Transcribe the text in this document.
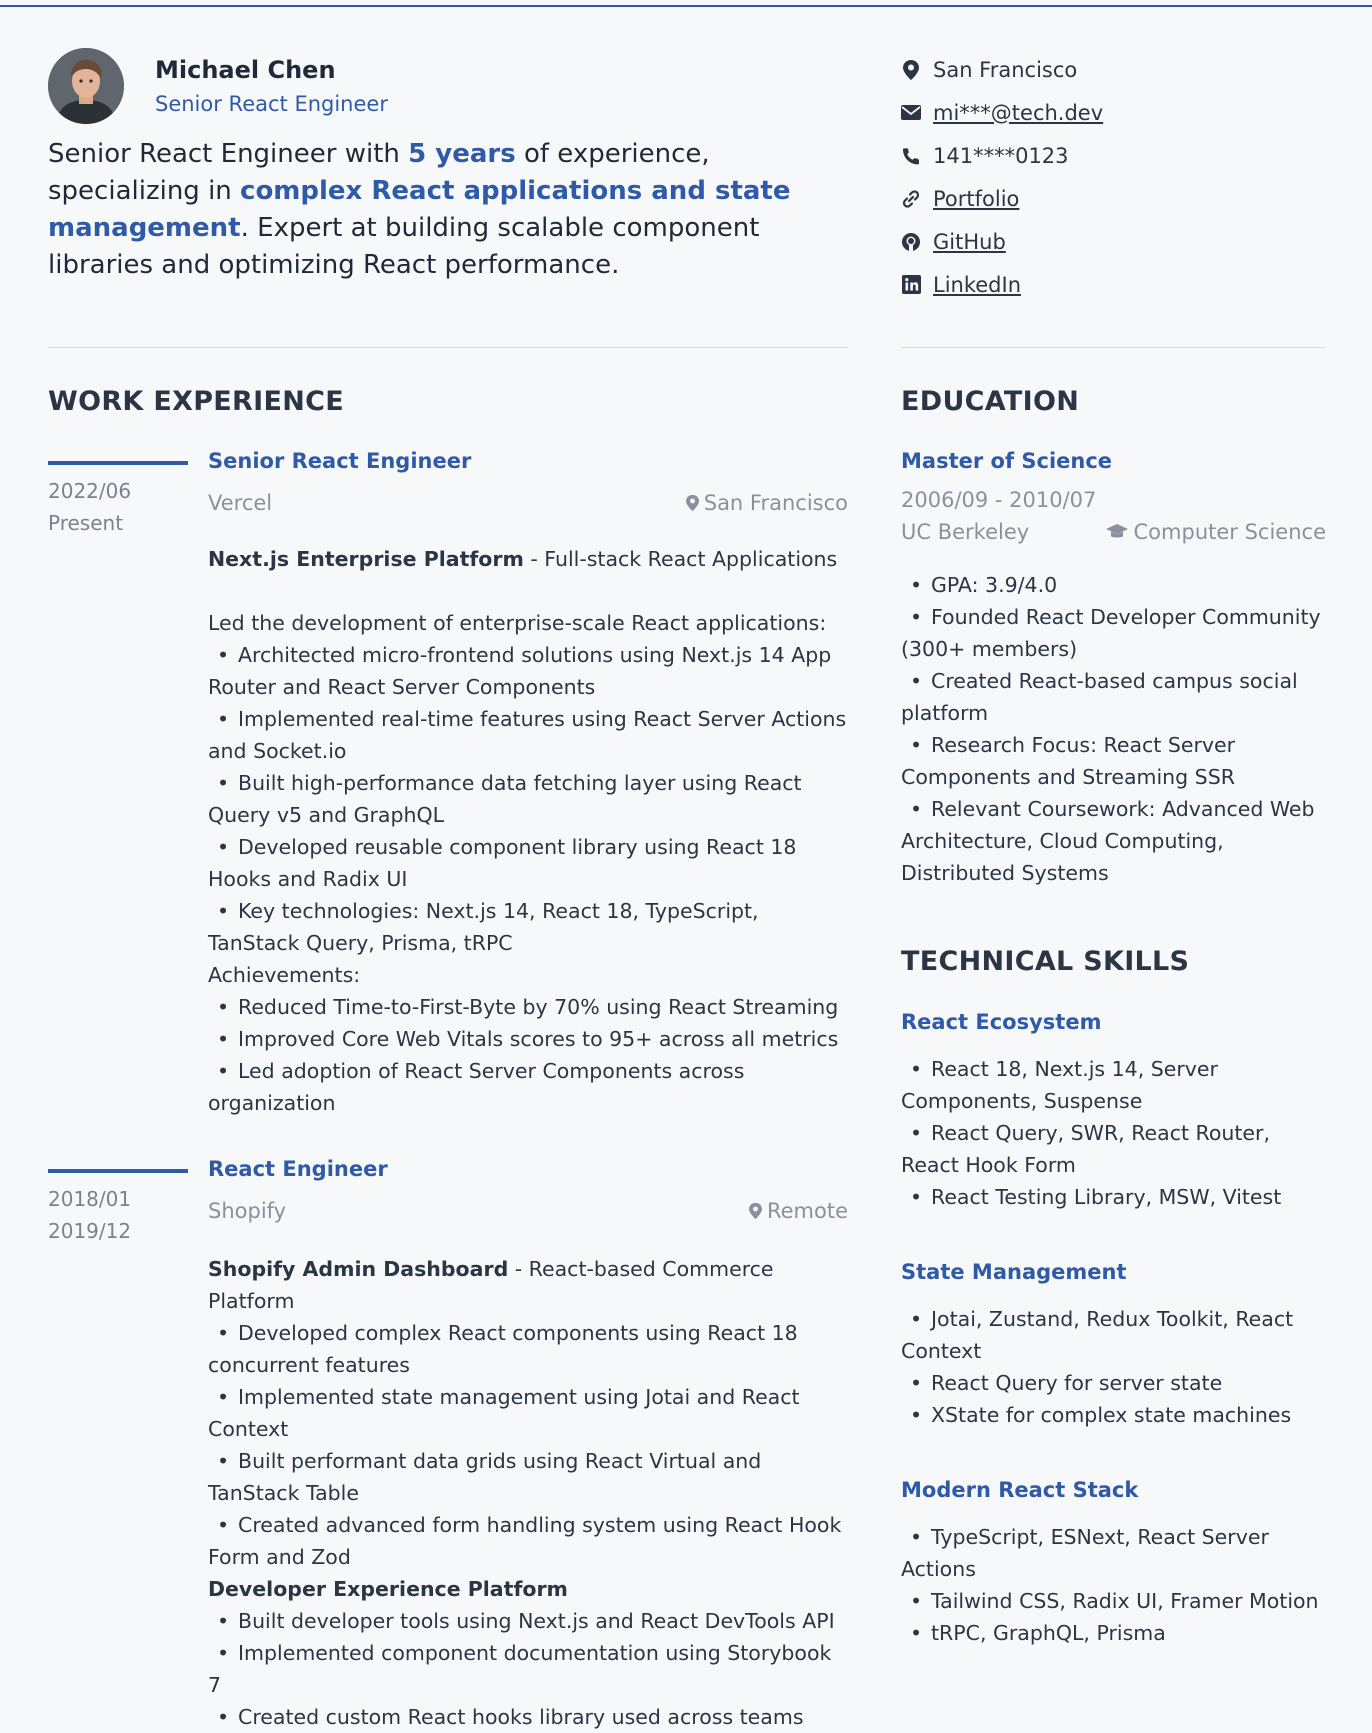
Michael Chen
Senior React Engineer

Senior React Engineer with 5 years of experience, specializing in complex React applications and state management. Expert at building scalable component libraries and optimizing React performance.

San Francisco
mi***@tech.dev
141****0123
Portfolio
GitHub
LinkedIn
WORK EXPERIENCE
2022/06
Present
Senior React Engineer
Vercel	San Francisco

Next.js Enterprise Platform - Full-stack React Applications

Led the development of enterprise-scale React applications:

• Architected micro-frontend solutions using Next.js 14 App Router and React Server Components
• Implemented real-time features using React Server Actions and Socket.io
• Built high-performance data fetching layer using React Query v5 and GraphQL
• Developed reusable component library using React 18 Hooks and Radix UI
• Key technologies: Next.js 14, React 18, TypeScript, TanStack Query, Prisma, tRPC

Achievements:

• Reduced Time-to-First-Byte by 70% using React Streaming
• Improved Core Web Vitals scores to 95+ across all metrics
• Led adoption of React Server Components across organization
2018/01
2019/12
React Engineer
Shopify	Remote

Shopify Admin Dashboard - React-based Commerce Platform

• Developed complex React components using React 18 concurrent features
• Implemented state management using Jotai and React Context
• Built performant data grids using React Virtual and TanStack Table
• Created advanced form handling system using React Hook Form and Zod

Developer Experience Platform

• Built developer tools using Next.js and React DevTools API
• Implemented component documentation using Storybook 7
• Created custom React hooks library used across teams
EDUCATION
Master of Science
2006/09 - 2010/07
UC Berkeley	Computer Science
• GPA: 3.9/4.0
• Founded React Developer Community (300+ members)
• Created React-based campus social platform
• Research Focus: React Server Components and Streaming SSR
• Relevant Coursework: Advanced Web Architecture, Cloud Computing, Distributed Systems
TECHNICAL SKILLS
React Ecosystem
• React 18, Next.js 14, Server Components, Suspense
• React Query, SWR, React Router, React Hook Form
• React Testing Library, MSW, Vitest
State Management
• Jotai, Zustand, Redux Toolkit, React Context
• React Query for server state
• XState for complex state machines
Modern React Stack
• TypeScript, ESNext, React Server Actions
• Tailwind CSS, Radix UI, Framer Motion
• tRPC, GraphQL, Prisma
